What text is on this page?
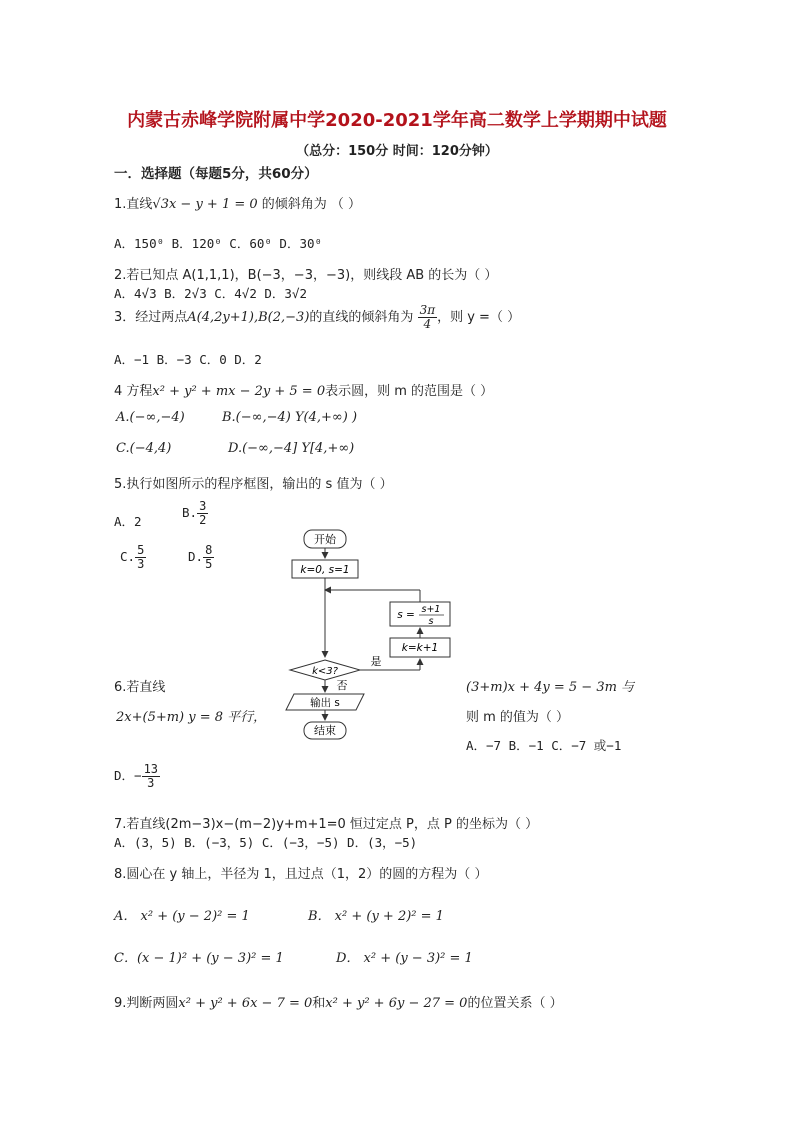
内蒙古赤峰学院附属中学2020-2021学年高二数学上学期期中试题
（总分：150分 时间：120分钟）
一．选择题（每题5分，共60分）
1.直线√3x − y + 1 = 0 的倾斜角为 （ ）
A．150⁰ B．120⁰ C．60⁰ D．30⁰
2.若已知点 A(1,1,1)，B(−3，−3，−3)，则线段 AB 的长为（ ）
A．4√3 B．2√3 C．4√2 D．3√2
3．经过两点A(4,2y+1),B(2,−3)的直线的倾斜角为 $\frac{3\pi}{4}$ ，则 y =（ ）
A．−1 B．−3 C．0 D．2
4 方程x² + y² + mx − 2y + 5 = 0表示圆，则 m 的范围是（ ）
A.(−∞,−4)	B.(−∞,−4) Y(4,+∞) )
C.(−4,4)	D.(−∞,−4] Y[4,+∞)
5.执行如图所示的程序框图，输出的 s 值为（ ）
A．2
B. $\frac{3}{2}$
C. $\frac{5}{3}$	D. $\frac{8}{5}$
开始
k=0, s=1
s = s+1
s
k=k+1
k<3?
是
否
输出 s
结束
6.若直线
2x+(5+m) y = 8 平行，
(3+m)x + 4y = 5 − 3m 与
则 m 的值为（ ）
A．−7 B．−1 C．−7 或−1
D．− $\frac{13}{3}$
7.若直线(2m−3)x−(m−2)y+m+1=0 恒过定点 P，点 P 的坐标为（ ）
A．(3，5) B．(−3，5) C．(−3，−5) D．(3，−5)
8.圆心在 y 轴上，半径为 1，且过点（1，2）的圆的方程为（ ）
A． x² + (y − 2)² = 1	B． x² + (y + 2)² = 1
C．(x − 1)² + (y − 3)² = 1	D． x² + (y − 3)² = 1
9.判断两圆x² + y² + 6x − 7 = 0和x² + y² + 6y − 27 = 0的位置关系（ ）
